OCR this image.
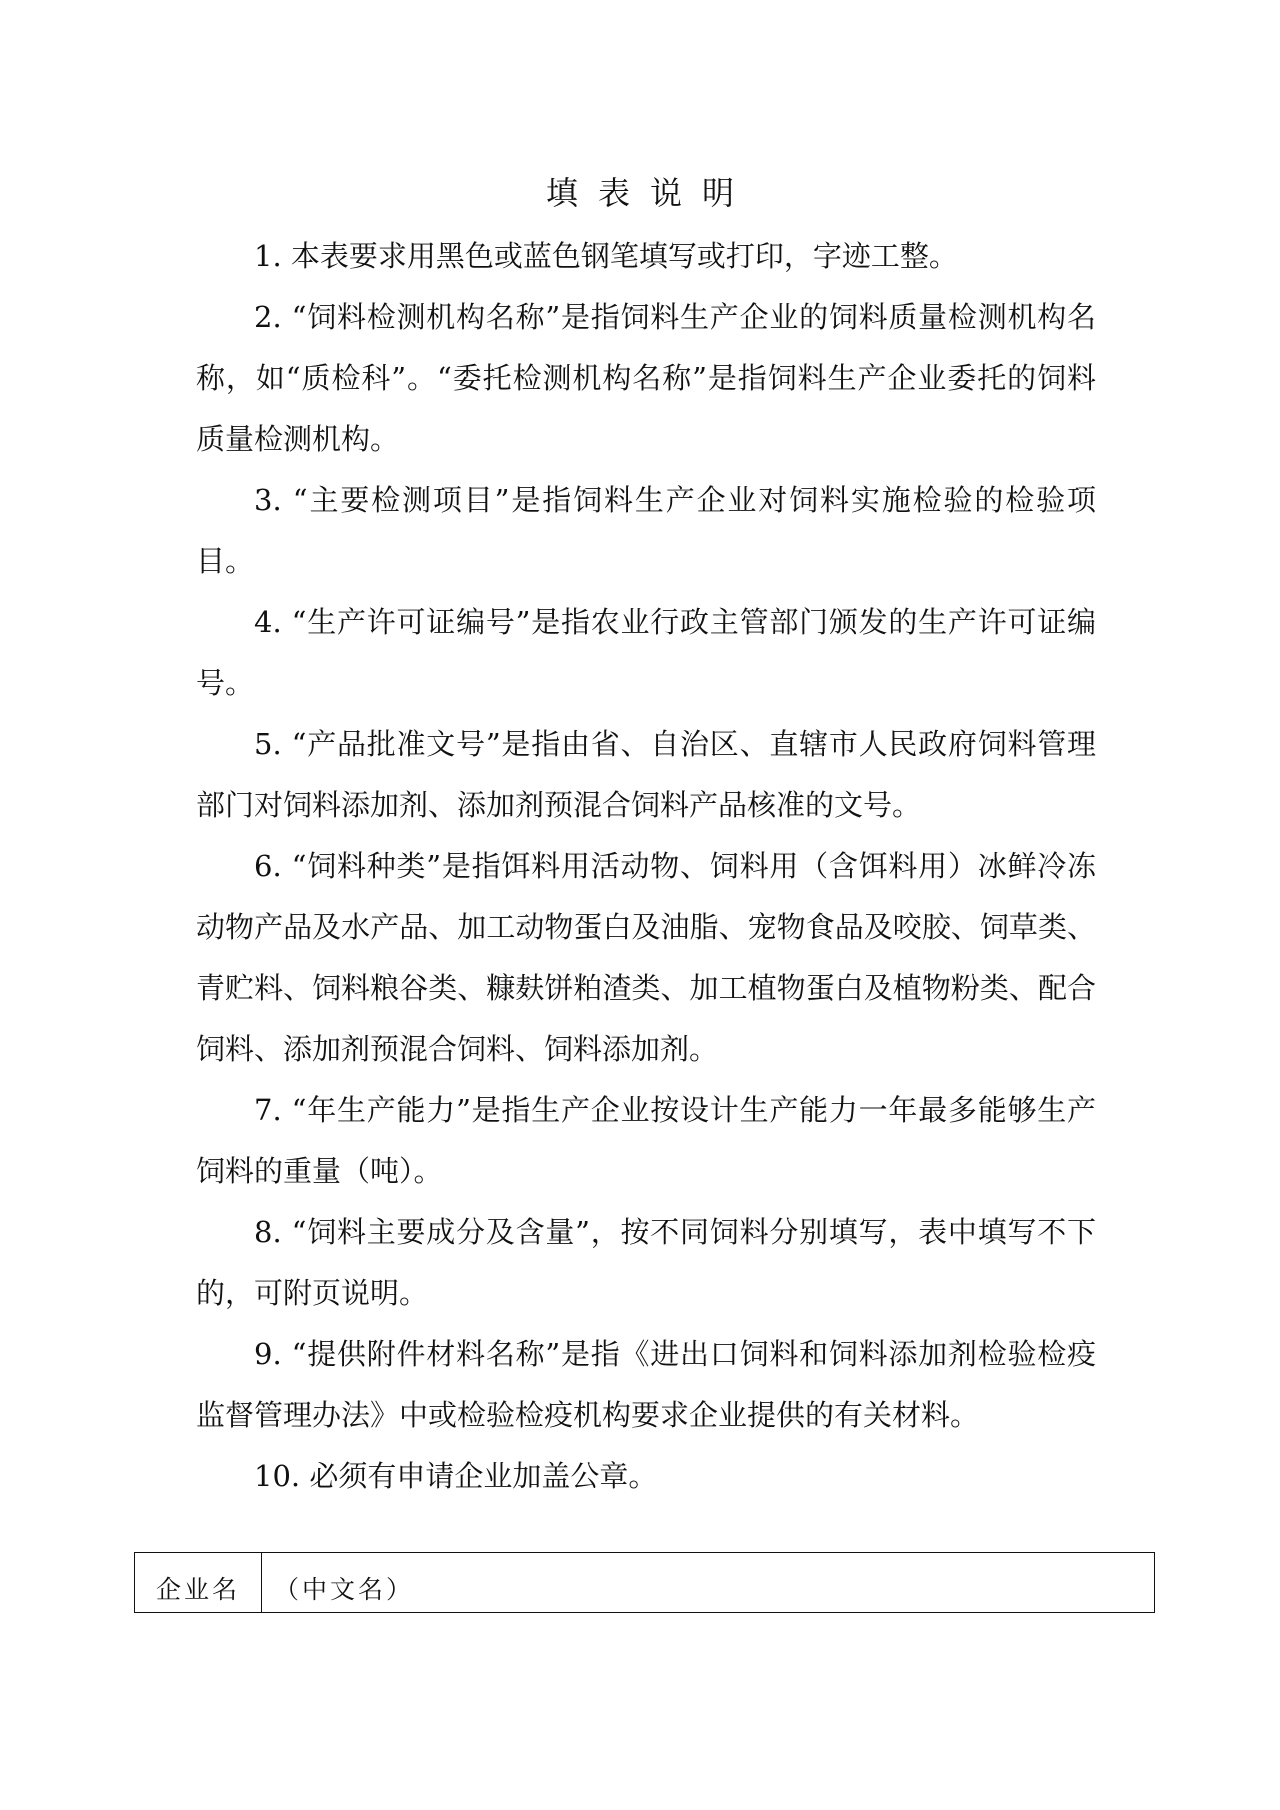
填表说明

1. 本表要求用黑色或蓝色钢笔填写或打印，字迹工整。

2. “饲料检测机构名称”是指饲料生产企业的饲料质量检测机构名称，如“质检科”。“委托检测机构名称”是指饲料生产企业委托的饲料质量检测机构。

3. “主要检测项目”是指饲料生产企业对饲料实施检验的检验项目。

4. “生产许可证编号”是指农业行政主管部门颁发的生产许可证编号。

5. “产品批准文号”是指由省、自治区、直辖市人民政府饲料管理部门对饲料添加剂、添加剂预混合饲料产品核准的文号。

6. “饲料种类”是指饵料用活动物、饲料用（含饵料用）冰鲜冷冻动物产品及水产品、加工动物蛋白及油脂、宠物食品及咬胶、饲草类、青贮料、饲料粮谷类、糠麸饼粕渣类、加工植物蛋白及植物粉类、配合饲料、添加剂预混合饲料、饲料添加剂。

7. “年生产能力”是指生产企业按设计生产能力一年最多能够生产饲料的重量（吨）。

8. “饲料主要成分及含量”，按不同饲料分别填写，表中填写不下的，可附页说明。

9. “提供附件材料名称”是指《进出口饲料和饲料添加剂检验检疫监督管理办法》中或检验检疫机构要求企业提供的有关材料。

10. 必须有申请企业加盖公章。

企业名	（中文名）
